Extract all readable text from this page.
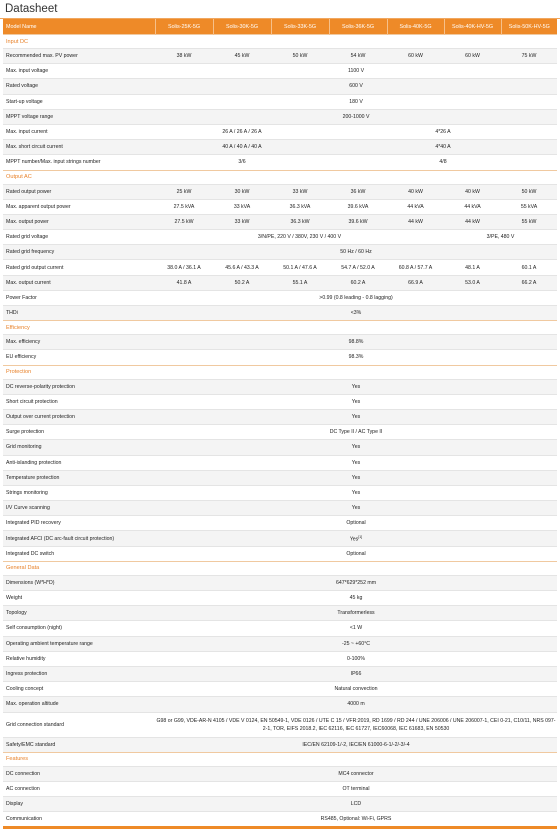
Datasheet
Model Name	Solis-25K-5G	Solis-30K-5G	Solis-33K-5G	Solis-36K-5G	Solis-40K-5G	Solis-40K-HV-5G	Solis-50K-HV-5G
Input DC							
Recommended max. PV power	38 kW	45 kW	50 kW	54 kW	60 kW	60 kW	75 kW
Max. input voltage	1100 V						
Rated voltage	600 V						
Start-up voltage	180 V						
MPPT voltage range	200-1000 V						
Max. input current	26 A / 26 A / 26 A			4*26 A			
Max. short circuit current	40 A / 40 A / 40 A			4*40 A			
MPPT number/Max. input strings number	3/6			4/8			
Output AC							
Rated output power	25 kW	30 kW	33 kW	36 kW	40 kW	40 kW	50 kW
Max. apparent output power	27.5 kVA	33 kVA	36.3 kVA	39.6 kVA	44 kVA	44 kVA	55 kVA
Max. output power	27.5 kW	33 kW	36.3 kW	39.6 kW	44 kW	44 kW	55 kW
Rated grid voltage	3/N/PE, 220 V / 380V, 230 V / 400 V					3/PE, 480 V	
Rated grid frequency	50 Hz / 60 Hz						
Rated grid output current	38.0 A / 36.1 A	45.6 A / 43.3 A	50.1 A / 47.6 A	54.7 A / 52.0 A	60.8 A / 57.7 A	48.1 A	60.1 A
Max. output current	41.8 A	50.2 A	55.1 A	60.2 A	66.9 A	53.0 A	66.2 A
Power Factor	>0.99 (0.8 leading - 0.8 lagging)						
THDi	<3%						
Efficiency							
Max. efficiency	98.8%						
EU efficiency	98.3%						
Protection							
DC reverse-polarity protection	Yes						
Short circuit protection	Yes						
Output over current protection	Yes						
Surge protection	DC Type II / AC Type II						
Grid monitoring	Yes						
Anti-islanding protection	Yes						
Temperature protection	Yes						
Strings monitoring	Yes						
I/V Curve scanning	Yes						
Integrated PID recovery	Optional						
Integrated AFCI (DC arc-fault circuit protection)	Yes[1]
Integrated DC switch	Optional						
General Data							
Dimensions (W*H*D)	647*629*252 mm						
Weight	45 kg						
Topology	Transformerless						
Self consumption (night)	<1 W						
Operating ambient temperature range	-25 ~ +60°C						
Relative humidity	0-100%						
Ingress protection	IP66						
Cooling concept	Natural convection						
Max. operation altitude	4000 m						
Grid connection standard	G98 or G99, VDE-AR-N 4105 / VDE V 0124, EN 50549-1, VDE 0126 / UTE C 15 / VFR:2019, RD 1699 / RD 244 / UNE 206006 / UNE 206007-1, CEI 0-21, C10/11, NRS 097-2-1, TOR, EIFS 2018.2, IEC 62116, IEC 61727, IEC60068, IEC 61683, EN 50530						
Safety/EMC standard	IEC/EN 62109-1/-2, IEC/EN 61000-6-1/-2/-3/-4						
Features							
DC connection	MC4 connector						
AC connection	OT terminal						
Display	LCD						
Communication	RS485, Optional: Wi-Fi, GPRS						
